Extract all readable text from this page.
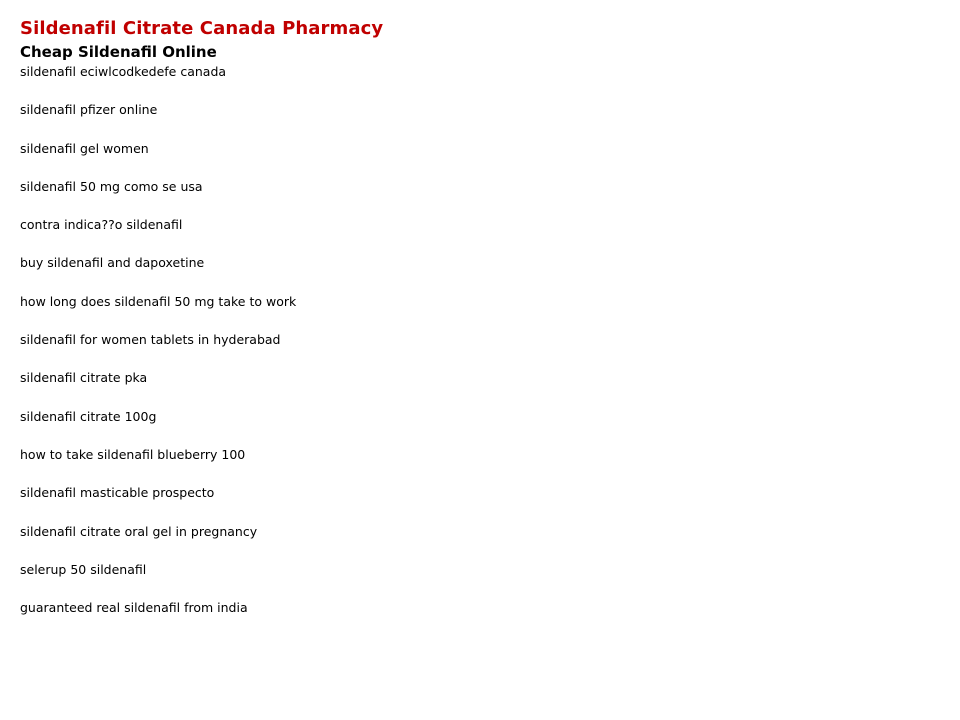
Sildenafil Citrate Canada Pharmacy
Cheap Sildenafil Online
sildenafil eciwlcodkedefe canada
sildenafil pfizer online
sildenafil gel women
sildenafil 50 mg como se usa
contra indica??o sildenafil
buy sildenafil and dapoxetine
how long does sildenafil 50 mg take to work
sildenafil for women tablets in hyderabad
sildenafil citrate pka
sildenafil citrate 100g
how to take sildenafil blueberry 100
sildenafil masticable prospecto
sildenafil citrate oral gel in pregnancy
selerup 50 sildenafil
guaranteed real sildenafil from india
